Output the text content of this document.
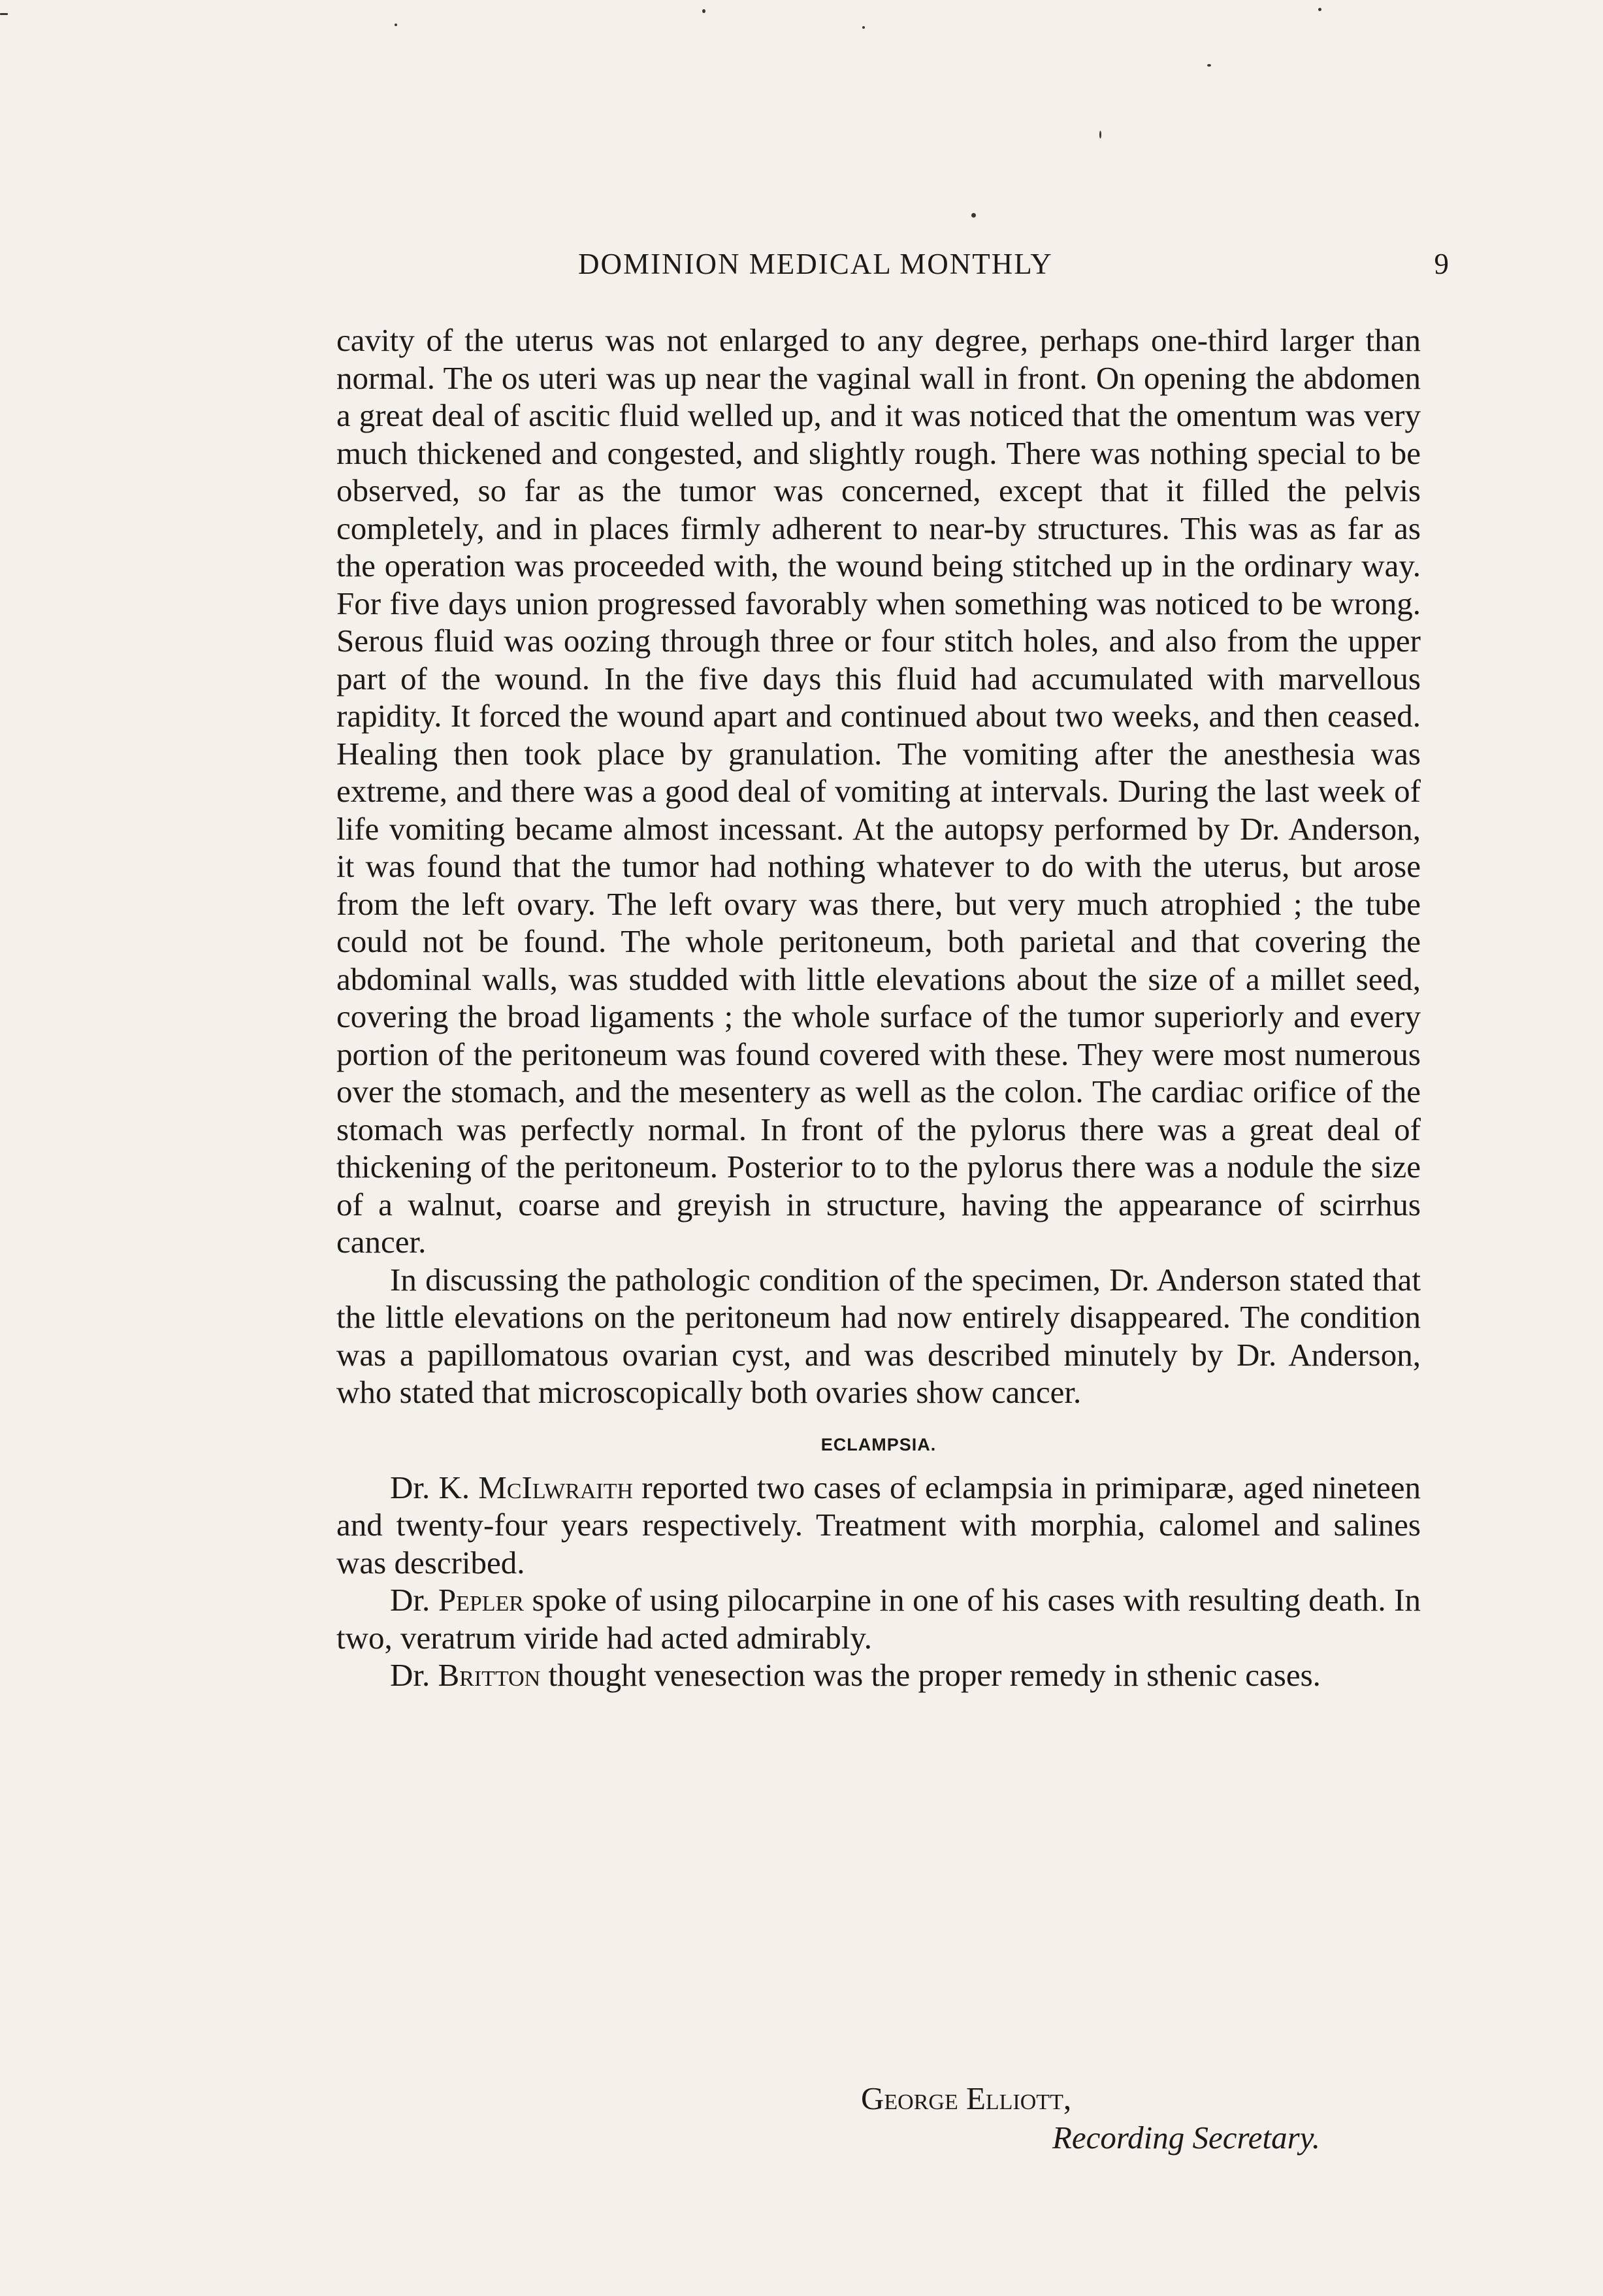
DOMINION MEDICAL MONTHLY	9

cavity of the uterus was not enlarged to any degree, perhaps one-third larger than normal. The os uteri was up near the vaginal wall in front. On opening the abdomen a great deal of ascitic fluid welled up, and it was noticed that the omentum was very much thickened and congested, and slightly rough. There was nothing special to be observed, so far as the tumor was concerned, except that it filled the pelvis completely, and in places firmly adherent to near-by structures. This was as far as the operation was proceeded with, the wound being stitched up in the ordinary way. For five days union progressed favorably when something was noticed to be wrong. Serous fluid was oozing through three or four stitch holes, and also from the upper part of the wound. In the five days this fluid had accumulated with marvellous rapidity. It forced the wound apart and continued about two weeks, and then ceased. Healing then took place by granulation. The vomiting after the anesthesia was extreme, and there was a good deal of vomiting at intervals. During the last week of life vomiting became almost incessant. At the autopsy performed by Dr. Anderson, it was found that the tumor had nothing whatever to do with the uterus, but arose from the left ovary. The left ovary was there, but very much atrophied ; the tube could not be found. The whole peritoneum, both parietal and that covering the abdominal walls, was studded with little elevations about the size of a millet seed, covering the broad ligaments ; the whole surface of the tumor superiorly and every portion of the peritoneum was found covered with these. They were most numerous over the stomach, and the mesentery as well as the colon. The cardiac orifice of the stomach was perfectly normal. In front of the pylorus there was a great deal of thickening of the peritoneum. Posterior to to the pylorus there was a nodule the size of a walnut, coarse and greyish in structure, having the appearance of scirrhus cancer.

In discussing the pathologic condition of the specimen, Dr. Anderson stated that the little elevations on the peritoneum had now entirely disappeared. The condition was a papillomatous ovarian cyst, and was described minutely by Dr. Anderson, who stated that microscopically both ovaries show cancer.

ECLAMPSIA.

Dr. K. McIlwraith reported two cases of eclampsia in primiparæ, aged nineteen and twenty-four years respectively. Treatment with morphia, calomel and salines was described.

Dr. Pepler spoke of using pilocarpine in one of his cases with resulting death. In two, veratrum viride had acted admirably.

Dr. Britton thought venesection was the proper remedy in sthenic cases.

George Elliott,
Recording Secretary.
